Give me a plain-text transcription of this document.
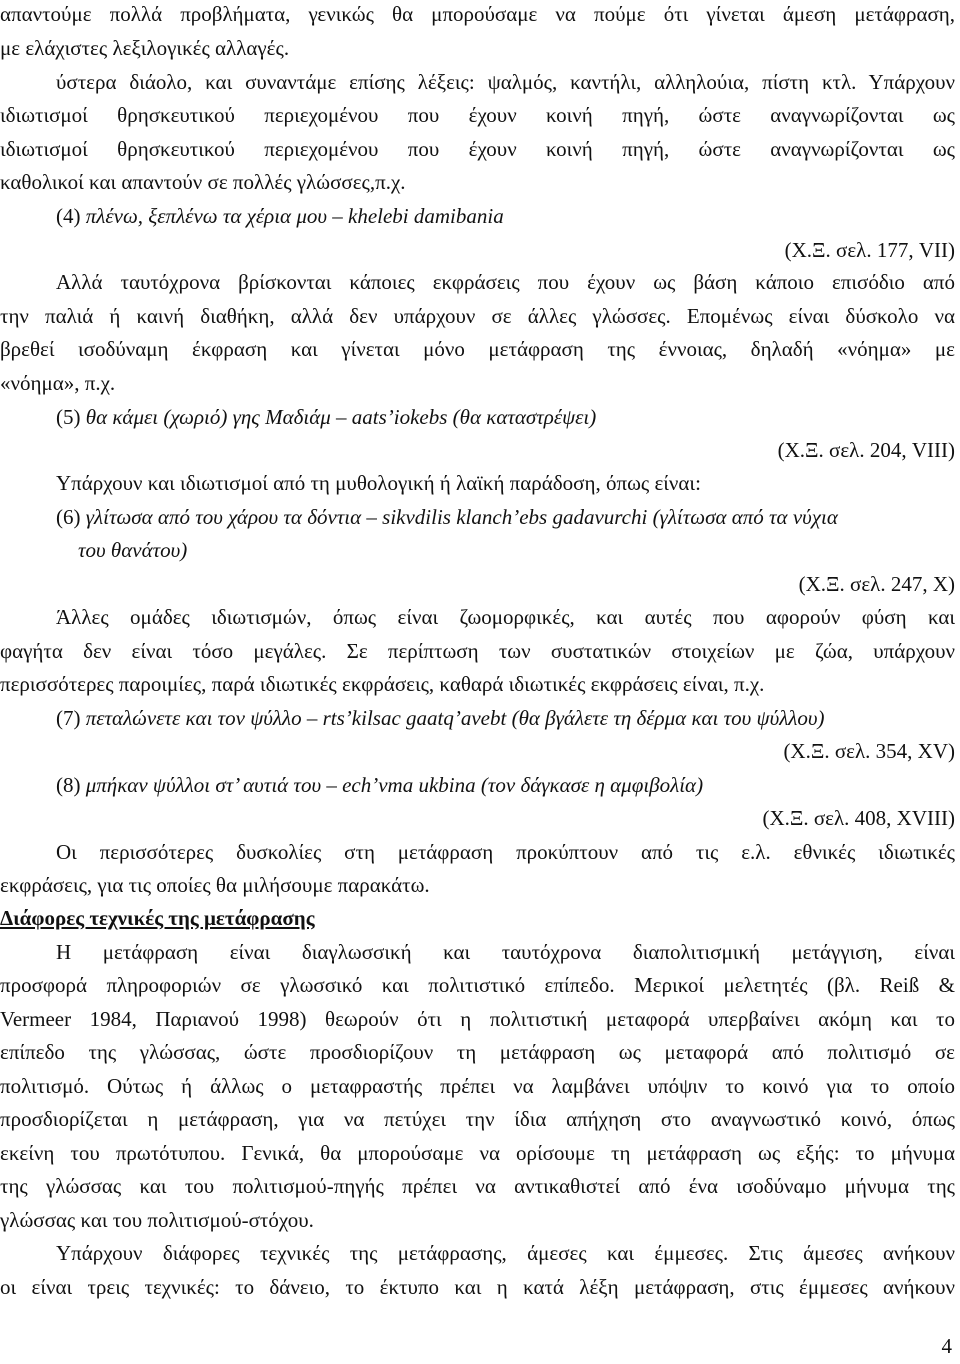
απαντούμε πολλά προβλήματα, γενικώς θα μπορούσαμε να πούμε ότι γίνεται άμεση μετάφραση,
με ελάχιστες λεξιλογικές αλλαγές.
ύστερα διάολο, και συναντάμε επίσης λέξεις: ψαλμός, καντήλι, αλληλούια, πίστη κτλ. Υπάρχουν
ιδιωτισμοί θρησκευτικού περιεχομένου που έχουν κοινή πηγή, ώστε αναγνωρίζονται ως
ιδιωτισμοί θρησκευτικού περιεχομένου που έχουν κοινή πηγή, ώστε αναγνωρίζονται ως
καθολικοί και απαντούν σε πολλές γλώσσες,π.χ.
(4) πλένω, ξεπλένω τα χέρια μου – khelebi damibania
(Χ.Ξ. σελ. 177, VII)
Αλλά ταυτόχρονα βρίσκονται κάποιες εκφράσεις που έχουν ως βάση κάποιο επισόδιο από
την παλιά ή καινή διαθήκη, αλλά δεν υπάρχουν σε άλλες γλώσσες. Επομένως είναι δύσκολο να
βρεθεί ισοδύναμη έκφραση και γίνεται μόνο μετάφραση της έννοιας, δηλαδή «νόημα» με
«νόημα», π.χ.
(5) θα κάμει (χωριό) γης Μαδιάμ – aats’iokebs (θα καταστρέψει)
(Χ.Ξ. σελ. 204, VIII)
Υπάρχουν και ιδιωτισμοί από τη μυθολογική ή λαϊκή παράδοση, όπως είναι:
(6) γλίτωσα από του χάρου τα δόντια – sikvdilis klanch’ebs gadavurchi (γλίτωσα από τα νύχια
του θανάτου)
(Χ.Ξ. σελ. 247, X)
Άλλες ομάδες ιδιωτισμών, όπως είναι ζωομορφικές, και αυτές που αφορούν φύση και
φαγήτα δεν είναι τόσο μεγάλες. Σε περίπτωση των συστατικών στοιχείων με ζώα, υπάρχουν
περισσότερες παροιμίες, παρά ιδιωτικές εκφράσεις, καθαρά ιδιωτικές εκφράσεις είναι, π.χ.
(7) πεταλώνετε και τον ψύλλο – rts’kilsac gaatq’avebt (θα βγάλετε τη δέρμα και του ψύλλου)
(Χ.Ξ. σελ. 354, XV)
(8) μπήκαν ψύλλοι στ’ αυτιά του – ech’vma ukbina (τον δάγκασε η αμφιβολία)
(Χ.Ξ. σελ. 408, XVIII)
Οι περισσότερες δυσκολίες στη μετάφραση προκύπτουν από τις ε.λ. εθνικές ιδιωτικές
εκφράσεις, για τις οποίες θα μιλήσουμε παρακάτω.
Διάφορες τεχνικές της μετάφρασης
Η μετάφραση είναι διαγλωσσική και ταυτόχρονα διαπολιτισμική μετάγγιση, είναι
προσφορά πληροφοριών σε γλωσσικό και πολιτιστικό επίπεδο. Μερικοί μελετητές (βλ. Reiß &
Vermeer 1984, Παριανού 1998) θεωρούν ότι η πολιτιστική μεταφορά υπερβαίνει ακόμη και το
επίπεδο της γλώσσας, ώστε προσδιορίζουν τη μετάφραση ως μεταφορά από πολιτισμό σε
πολιτισμό. Ούτως ή άλλως ο μεταφραστής πρέπει να λαμβάνει υπόψιν το κοινό για το οποίο
προσδιορίζεται η μετάφραση, για να πετύχει την ίδια απήχηση στο αναγνωστικό κοινό, όπως
εκείνη του πρωτότυπου. Γενικά, θα μπορούσαμε να ορίσουμε τη μετάφραση ως εξής: το μήνυμα
της γλώσσας και του πολιτισμού-πηγής πρέπει να αντικαθιστεί από ένα ισοδύναμο μήνυμα της
γλώσσας και του πολιτισμού-στόχου.
Υπάρχουν διάφορες τεχνικές της μετάφρασης, άμεσες και έμμεσες. Στις άμεσες ανήκουν
οι είναι τρεις τεχνικές: το δάνειο, το έκτυπο και η κατά λέξη μετάφραση, στις έμμεσες ανήκουν
4
